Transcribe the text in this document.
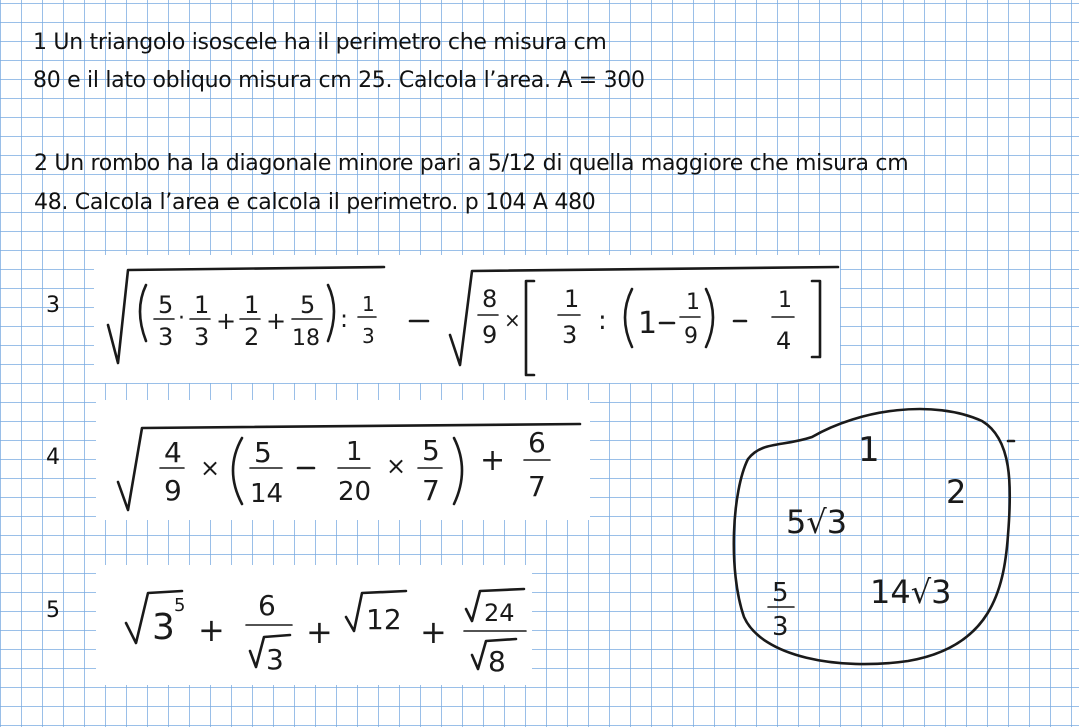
1 Un triangolo isoscele ha il perimetro che misura cm
80 e il lato obliquo misura cm 25. Calcola l’area. A = 300
2 Un rombo ha la diagonale minore pari a 5/12 di quella maggiore che misura cm
48. Calcola l’area e calcola il perimetro. p 104 A 480
3
4
5
5
3
· 1
3
+
1
2
+
5
18
:
1
3
8
9
×
1
3 : 1
1
9
1
4
4
9
× 5
14
1
20
× 5
7
+
6
7
3
5
+
6
3
+ 12 + 24
8
1
2
5√3
14√3
5
3
